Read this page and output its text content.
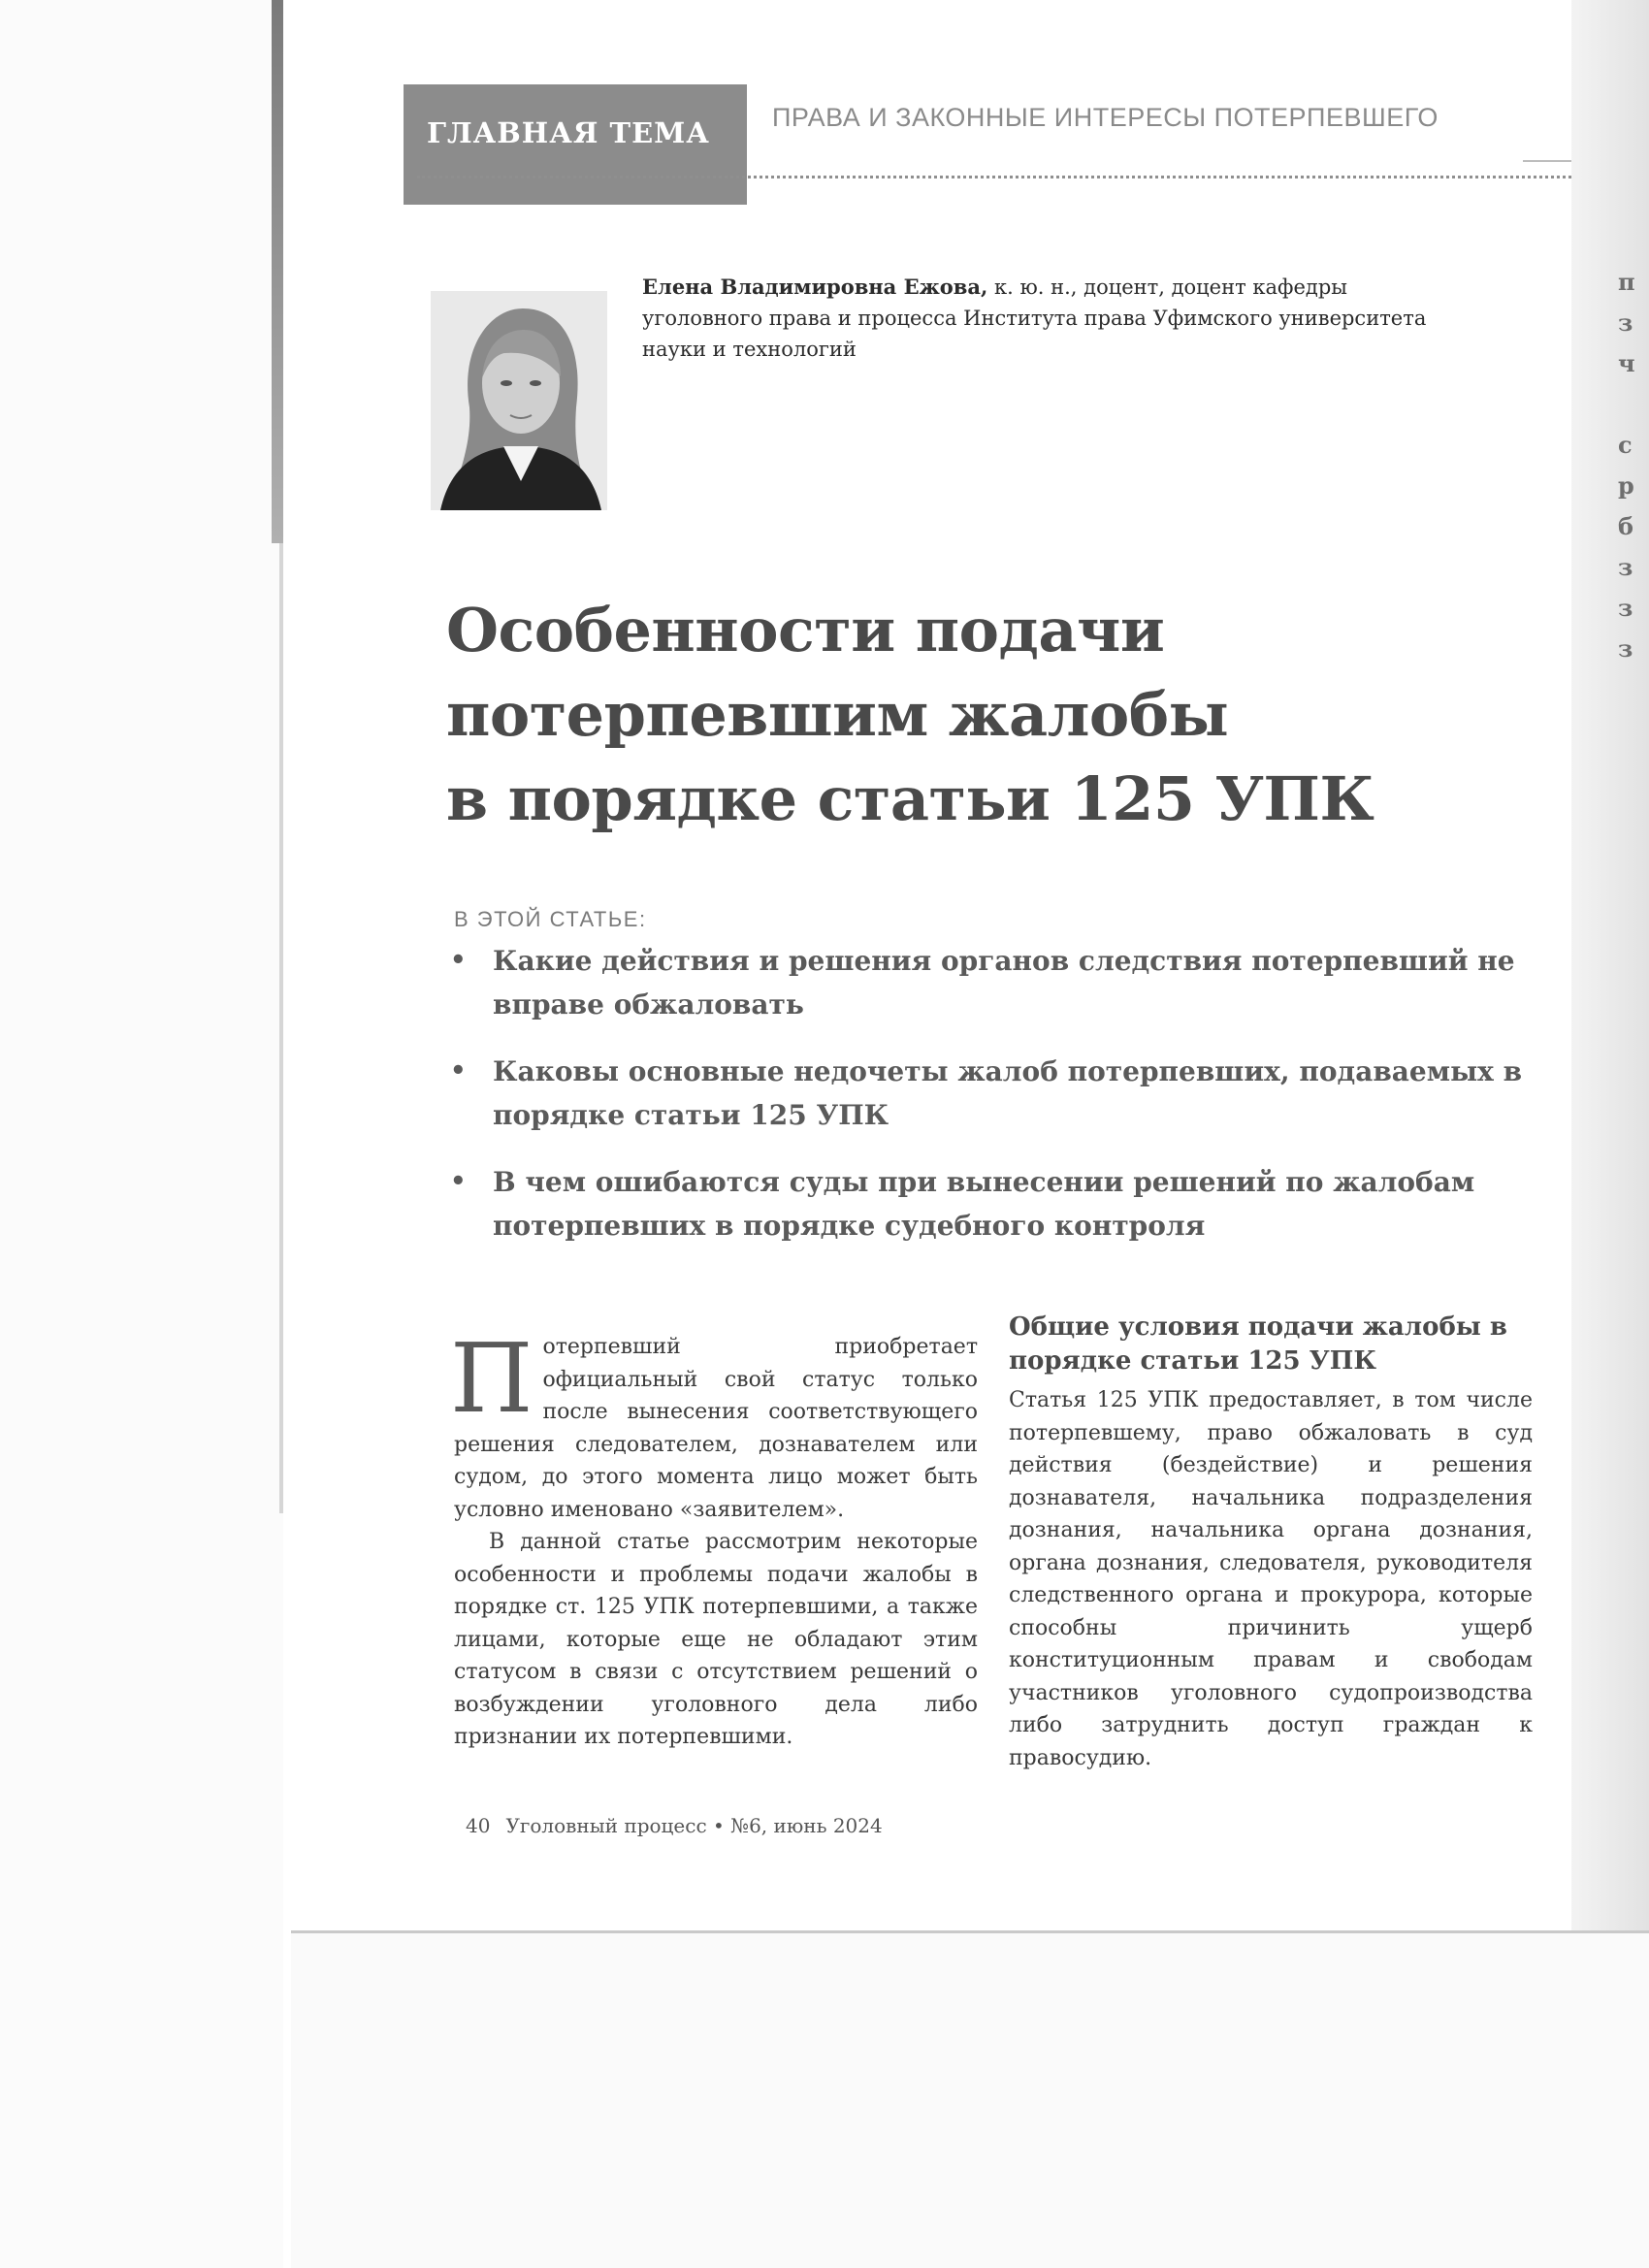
п
з
ч
с
р
б
з
з
з
ГЛАВНАЯ ТЕМА ПРАВА И ЗАКОННЫЕ ИНТЕРЕСЫ ПОТЕРПЕВШЕГО
Елена Владимировна Ежова, к. ю. н., доцент, доцент кафедры уголовного права и процесса Института права Уфимского университета науки и технологий
Особенности подачи
потерпевшим жалобы
в порядке статьи 125 УПК
В ЭТОЙ СТАТЬЕ:
• Какие действия и решения органов следствия потерпевший не вправе обжаловать
• Каковы основные недочеты жалоб потерпевших, подаваемых в порядке статьи 125 УПК
• В чем ошибаются суды при вынесении решений по жалобам потерпевших в порядке судебного контроля

Потерпевший приобретает официальный свой статус только после вынесения соответствующего решения следователем, дознавателем или судом, до этого момента лицо может быть условно именовано «заявителем».

В данной статье рассмотрим некоторые особенности и проблемы подачи жалобы в порядке ст. 125 УПК потерпевшими, а также лицами, которые еще не обладают этим статусом в связи с отсутствием решений о возбуждении уголовного дела либо признании их потерпевшими.

Общие условия подачи жалобы в порядке статьи 125 УПК

Статья 125 УПК предоставляет, в том числе потерпевшему, право обжаловать в суд действия (бездействие) и решения дознавателя, начальника подразделения дознания, начальника органа дознания, органа дознания, следователя, руководителя следственного органа и прокурора, которые способны причинить ущерб конституционным правам и свободам участников уголовного судопроизводства либо затруднить доступ граждан к правосудию.

40 Уголовный процесс • №6, июнь 2024
